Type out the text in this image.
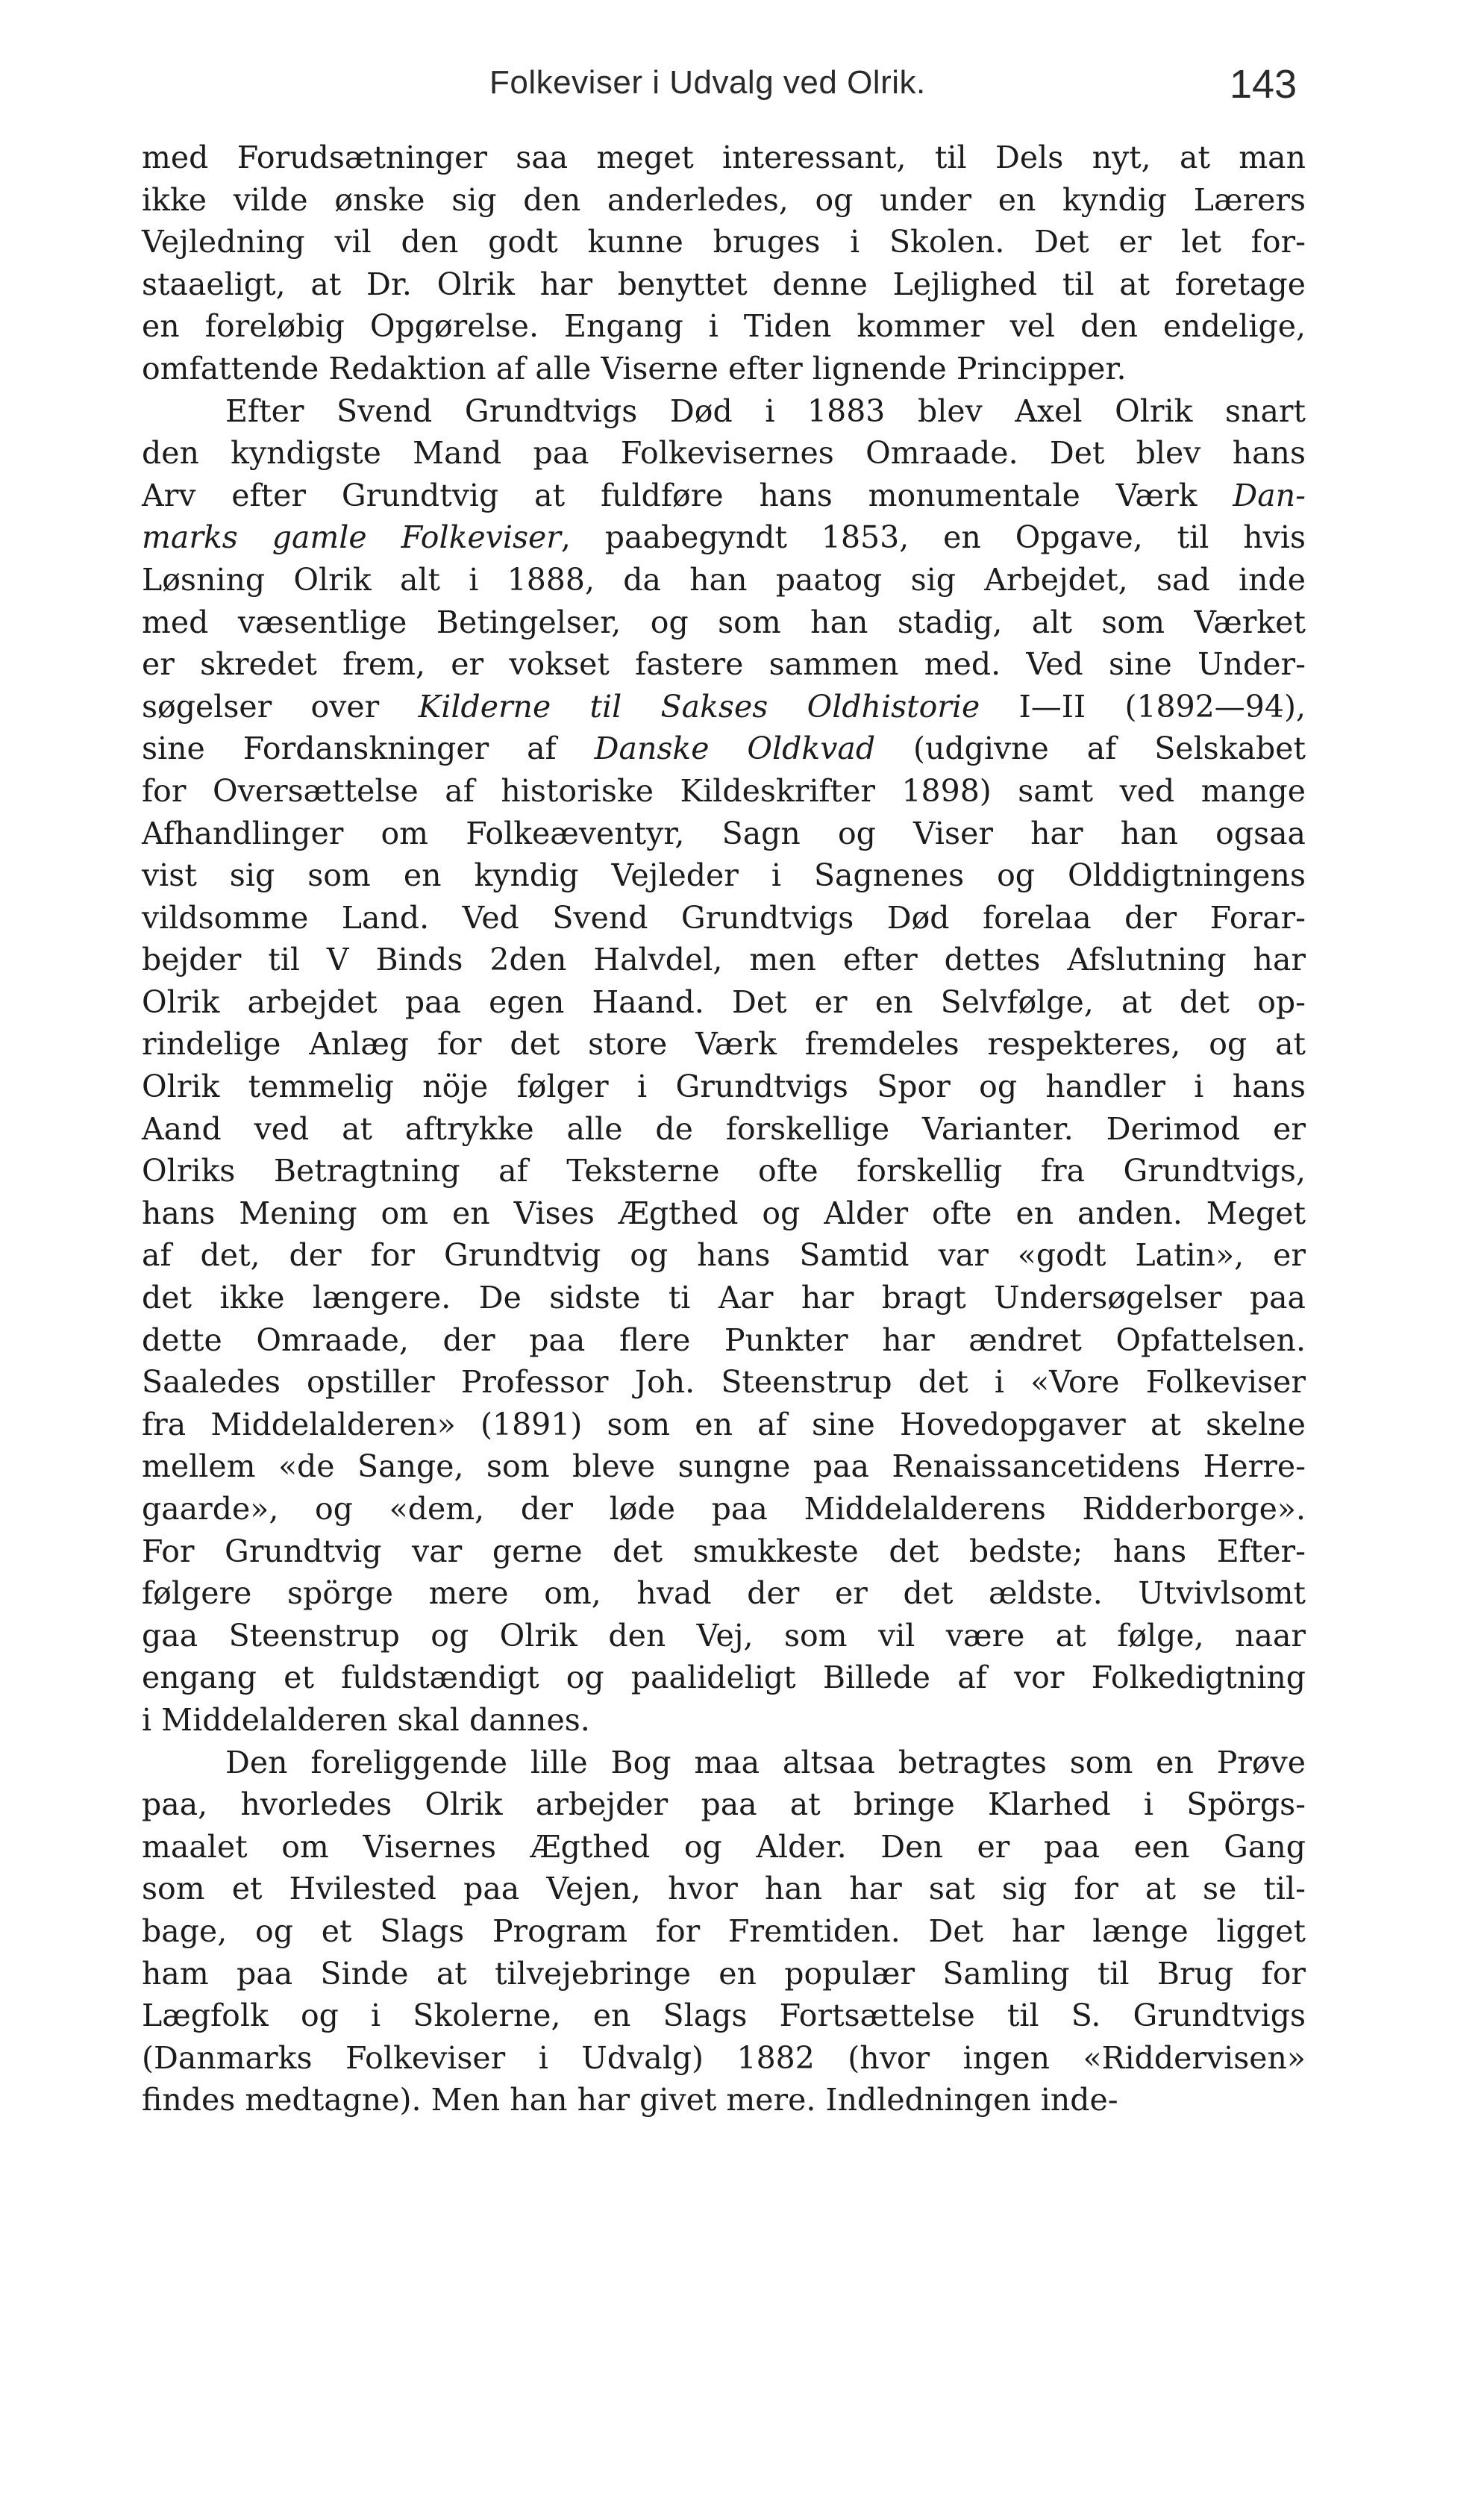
Folkeviser i Udvalg ved Olrik.	143
med Forudsætninger saa meget interessant, til Dels nyt, at man
ikke vilde ønske sig den anderledes, og under en kyndig Lærers
Vejledning vil den godt kunne bruges i Skolen. Det er let for-
staaeligt, at Dr. Olrik har benyttet denne Lejlighed til at foretage
en foreløbig Opgørelse. Engang i Tiden kommer vel den endelige,
omfattende Redaktion af alle Viserne efter lignende Principper.
Efter Svend Grundtvigs Død i 1883 blev Axel Olrik snart
den kyndigste Mand paa Folkevisernes Omraade. Det blev hans
Arv efter Grundtvig at fuldføre hans monumentale Værk Dan-
marks gamle Folkeviser, paabegyndt 1853, en Opgave, til hvis
Løsning Olrik alt i 1888, da han paatog sig Arbejdet, sad inde
med væsentlige Betingelser, og som han stadig, alt som Værket
er skredet frem, er vokset fastere sammen med. Ved sine Under-
søgelser over Kilderne til Sakses Oldhistorie I—II (1892—94),
sine Fordanskninger af Danske Oldkvad (udgivne af Selskabet
for Oversættelse af historiske Kildeskrifter 1898) samt ved mange
Afhandlinger om Folkeæventyr, Sagn og Viser har han ogsaa
vist sig som en kyndig Vejleder i Sagnenes og Olddigtningens
vildsomme Land. Ved Svend Grundtvigs Død forelaa der Forar-
bejder til V Binds 2den Halvdel, men efter dettes Afslutning har
Olrik arbejdet paa egen Haand. Det er en Selvfølge, at det op-
rindelige Anlæg for det store Værk fremdeles respekteres, og at
Olrik temmelig nöje følger i Grundtvigs Spor og handler i hans
Aand ved at aftrykke alle de forskellige Varianter. Derimod er
Olriks Betragtning af Teksterne ofte forskellig fra Grundtvigs,
hans Mening om en Vises Ægthed og Alder ofte en anden. Meget
af det, der for Grundtvig og hans Samtid var «godt Latin», er
det ikke længere. De sidste ti Aar har bragt Undersøgelser paa
dette Omraade, der paa flere Punkter har ændret Opfattelsen.
Saaledes opstiller Professor Joh. Steenstrup det i «Vore Folkeviser
fra Middelalderen» (1891) som en af sine Hovedopgaver at skelne
mellem «de Sange, som bleve sungne paa Renaissancetidens Herre-
gaarde», og «dem, der løde paa Middelalderens Ridderborge».
For Grundtvig var gerne det smukkeste det bedste; hans Efter-
følgere spörge mere om, hvad der er det ældste. Utvivlsomt
gaa Steenstrup og Olrik den Vej, som vil være at følge, naar
engang et fuldstændigt og paalideligt Billede af vor Folkedigtning
i Middelalderen skal dannes.
Den foreliggende lille Bog maa altsaa betragtes som en Prøve
paa, hvorledes Olrik arbejder paa at bringe Klarhed i Spörgs-
maalet om Visernes Ægthed og Alder. Den er paa een Gang
som et Hvilested paa Vejen, hvor han har sat sig for at se til-
bage, og et Slags Program for Fremtiden. Det har længe ligget
ham paa Sinde at tilvejebringe en populær Samling til Brug for
Lægfolk og i Skolerne, en Slags Fortsættelse til S. Grundtvigs
(Danmarks Folkeviser i Udvalg) 1882 (hvor ingen «Riddervisen»
findes medtagne). Men han har givet mere. Indledningen inde-
